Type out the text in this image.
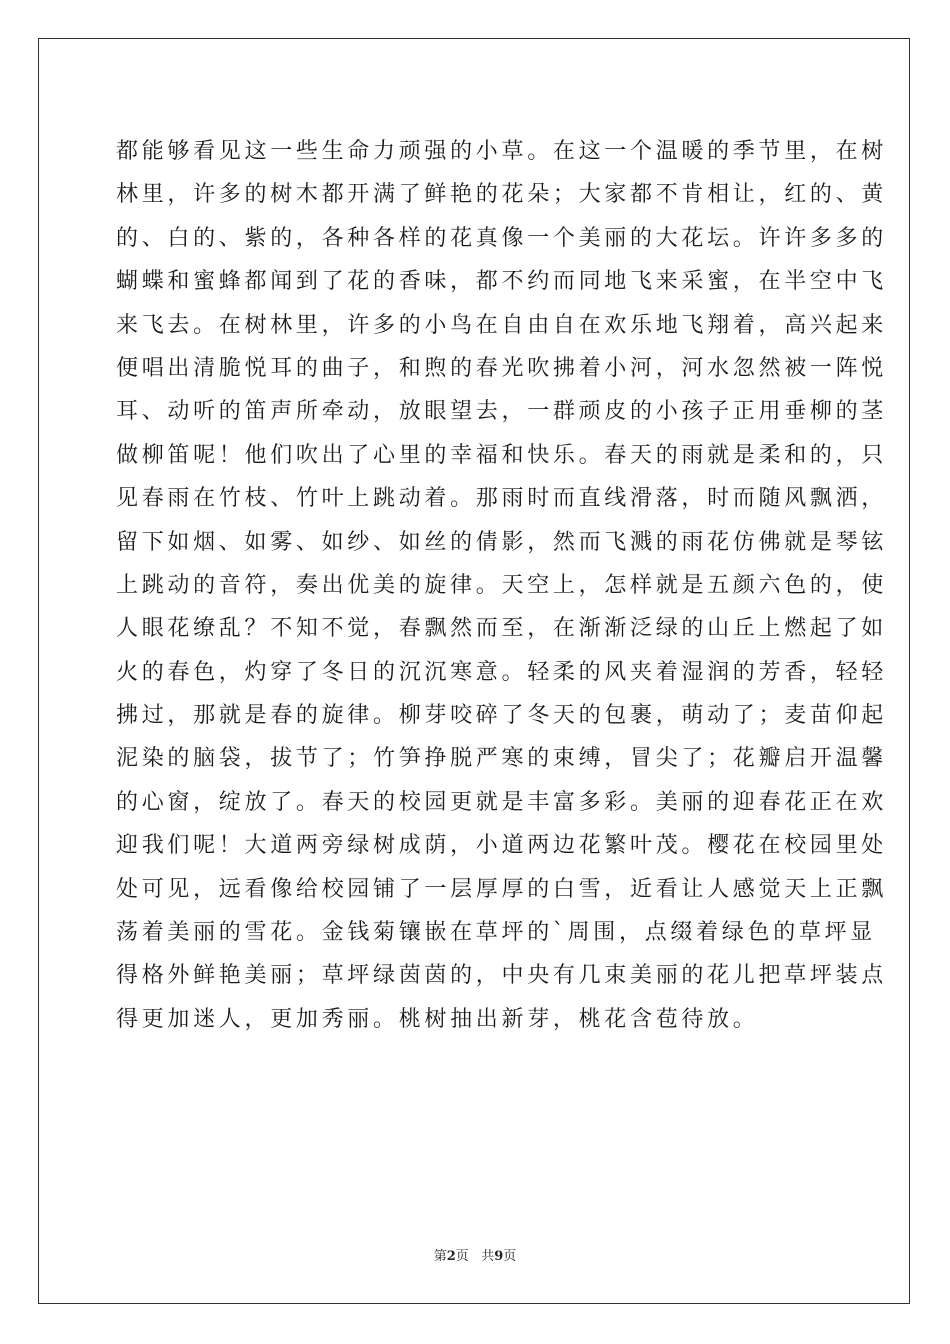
都能够看见这一些生命力顽强的小草。在这一个温暖的季节里，在树
林里，许多的树木都开满了鲜艳的花朵；大家都不肯相让，红的、黄
的、白的、紫的，各种各样的花真像一个美丽的大花坛。许许多多的
蝴蝶和蜜蜂都闻到了花的香味，都不约而同地飞来采蜜，在半空中飞
来飞去。在树林里，许多的小鸟在自由自在欢乐地飞翔着，高兴起来
便唱出清脆悦耳的曲子，和煦的春光吹拂着小河，河水忽然被一阵悦
耳、动听的笛声所牵动，放眼望去，一群顽皮的小孩子正用垂柳的茎
做柳笛呢！他们吹出了心里的幸福和快乐。春天的雨就是柔和的，只
见春雨在竹枝、竹叶上跳动着。那雨时而直线滑落，时而随风飘洒，
留下如烟、如雾、如纱、如丝的倩影，然而飞溅的雨花仿佛就是琴铉
上跳动的音符，奏出优美的旋律。天空上，怎样就是五颜六色的，使
人眼花缭乱？不知不觉，春飘然而至，在渐渐泛绿的山丘上燃起了如
火的春色，灼穿了冬日的沉沉寒意。轻柔的风夹着湿润的芳香，轻轻
拂过，那就是春的旋律。柳芽咬碎了冬天的包裹，萌动了；麦苗仰起
泥染的脑袋，拔节了；竹笋挣脱严寒的束缚，冒尖了；花瓣启开温馨
的心窗，绽放了。春天的校园更就是丰富多彩。美丽的迎春花正在欢
迎我们呢！大道两旁绿树成荫，小道两边花繁叶茂。樱花在校园里处
处可见，远看像给校园铺了一层厚厚的白雪，近看让人感觉天上正飘
荡着美丽的雪花。金钱菊镶嵌在草坪的`周围，点缀着绿色的草坪显
得格外鲜艳美丽；草坪绿茵茵的，中央有几束美丽的花儿把草坪装点
得更加迷人，更加秀丽。桃树抽出新芽，桃花含苞待放。
第2页 共9页
